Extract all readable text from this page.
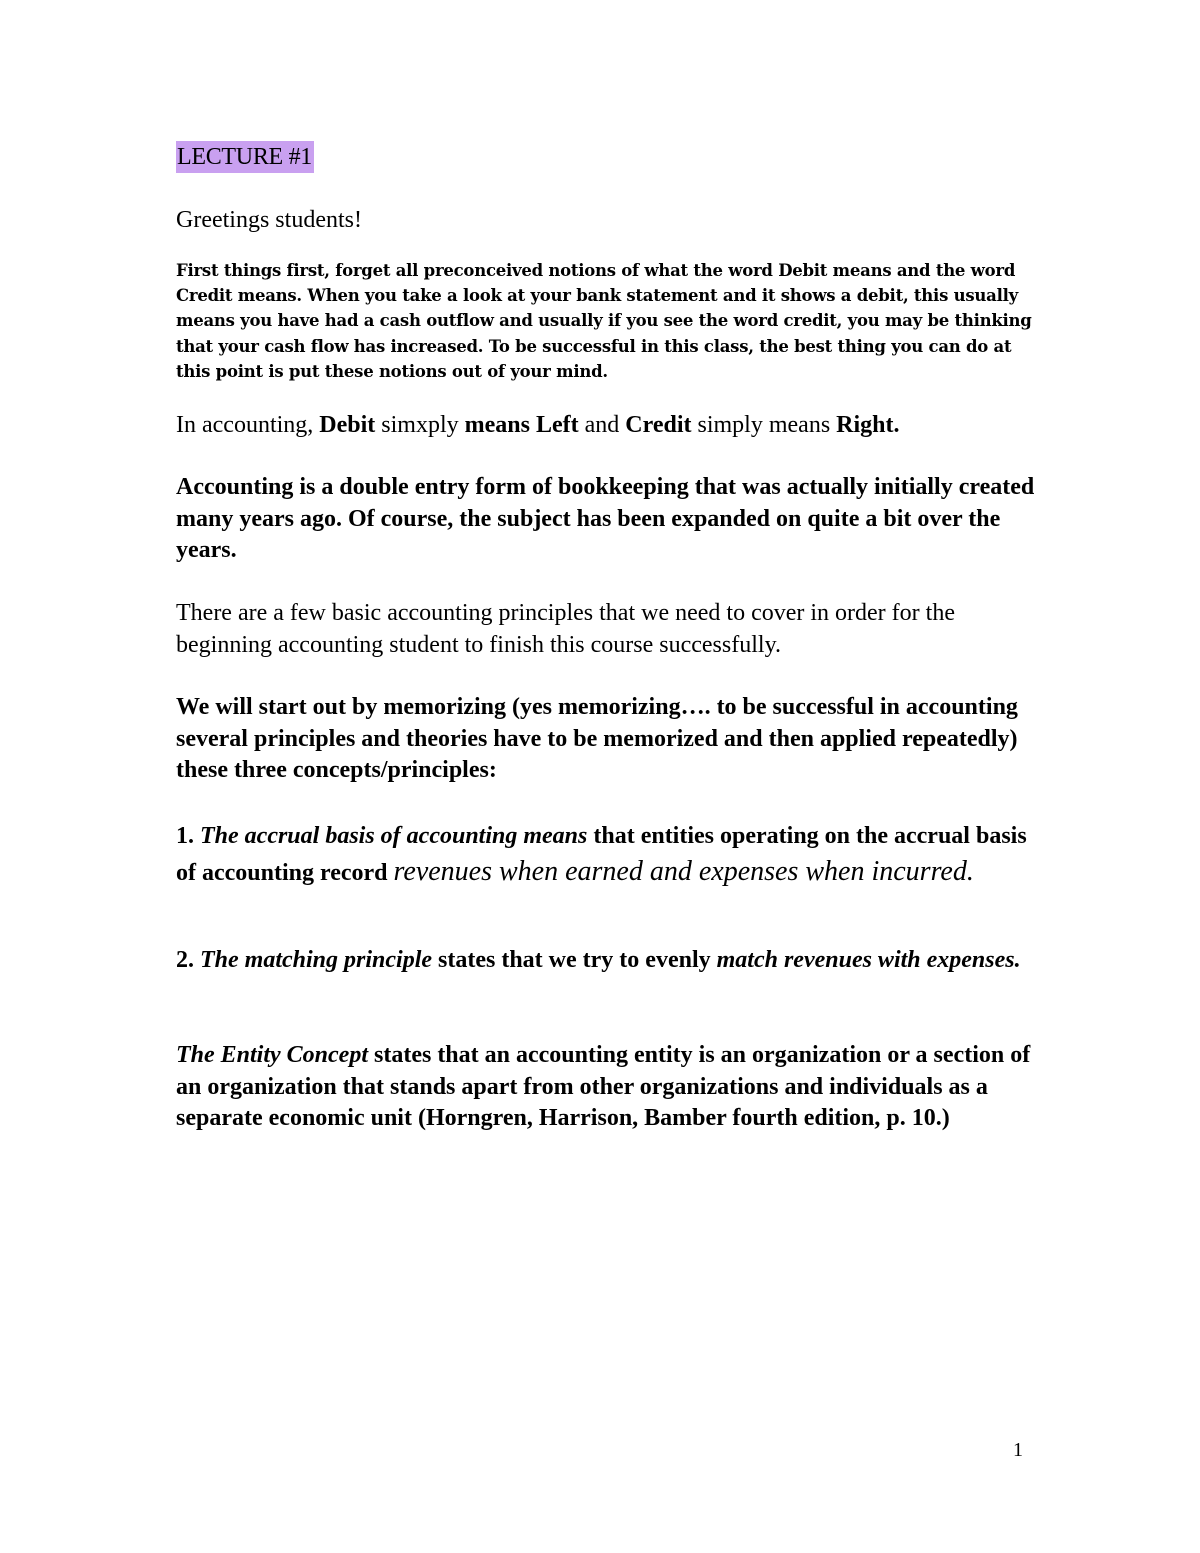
LECTURE #1
Greetings students!

First things first, forget all preconceived notions of what the word Debit means and the word Credit means. When you take a look at your bank statement and it shows a debit, this usually means you have had a cash outflow and usually if you see the word credit, you may be thinking that your cash flow has increased. To be successful in this class, the best thing you can do at this point is put these notions out of your mind.

In accounting, Debit simxply means Left and Credit simply means Right.

Accounting is a double entry form of bookkeeping that was actually initially created many years ago. Of course, the subject has been expanded on quite a bit over the years.

There are a few basic accounting principles that we need to cover in order for the beginning accounting student to finish this course successfully.

We will start out by memorizing (yes memorizing…. to be successful in accounting several principles and theories have to be memorized and then applied repeatedly) these three concepts/principles:

1. The accrual basis of accounting means that entities operating on the accrual basis of accounting record revenues when earned and expenses when incurred.

2. The matching principle states that we try to evenly match revenues with expenses.

The Entity Concept states that an accounting entity is an organization or a section of an organization that stands apart from other organizations and individuals as a separate economic unit (Horngren, Harrison, Bamber fourth edition, p. 10.)

1
